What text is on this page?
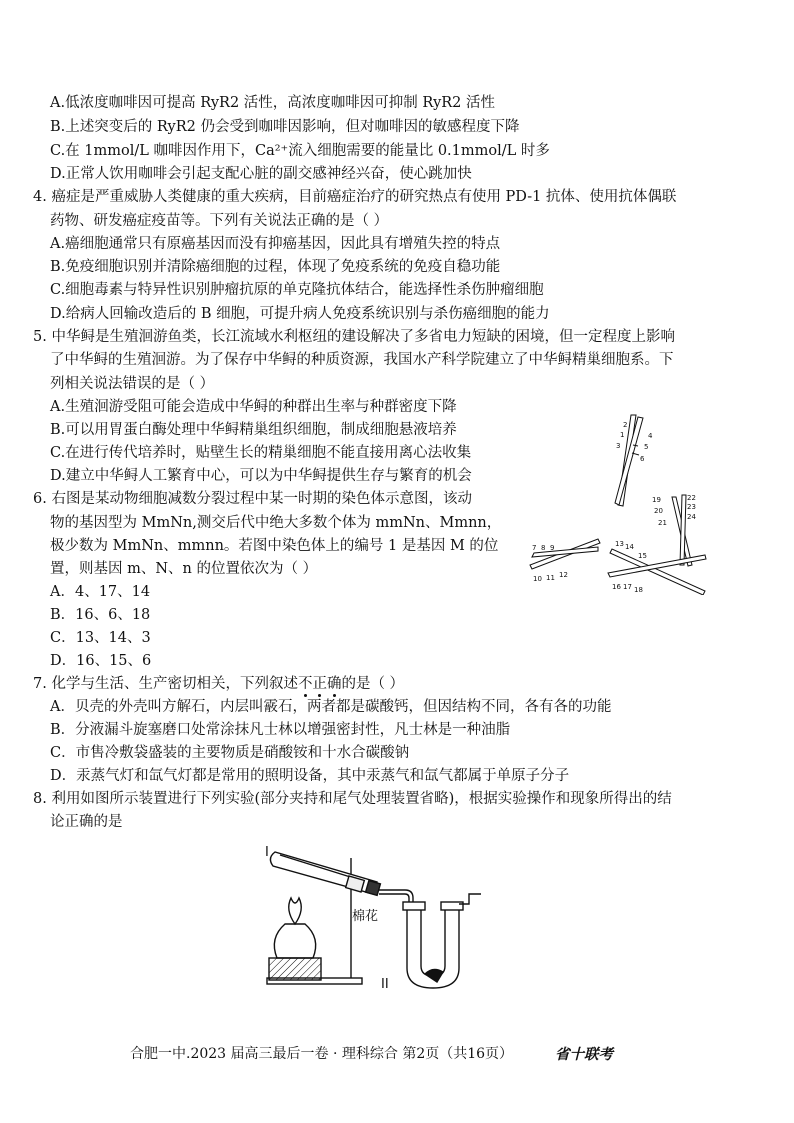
A.低浓度咖啡因可提高 RyR2 活性，高浓度咖啡因可抑制 RyR2 活性
B.上述突变后的 RyR2 仍会受到咖啡因影响，但对咖啡因的敏感程度下降
C.在 1mmol/L 咖啡因作用下，Ca²⁺流入细胞需要的能量比 0.1mmol/L 时多
D.正常人饮用咖啡会引起支配心脏的副交感神经兴奋，使心跳加快
4. 癌症是严重威胁人类健康的重大疾病，目前癌症治疗的研究热点有使用 PD-1 抗体、使用抗体偶联
药物、研发癌症疫苗等。下列有关说法正确的是（ ）
A.癌细胞通常只有原癌基因而没有抑癌基因，因此具有增殖失控的特点
B.免疫细胞识别并清除癌细胞的过程，体现了免疫系统的免疫自稳功能
C.细胞毒素与特异性识别肿瘤抗原的单克隆抗体结合，能选择性杀伤肿瘤细胞
D.给病人回输改造后的 B 细胞，可提升病人免疫系统识别与杀伤癌细胞的能力
5. 中华鲟是生殖洄游鱼类，长江流域水利枢纽的建设解决了多省电力短缺的困境，但一定程度上影响
了中华鲟的生殖洄游。为了保存中华鲟的种质资源，我国水产科学院建立了中华鲟精巢细胞系。下
列相关说法错误的是（ ）
A.生殖洄游受阻可能会造成中华鲟的种群出生率与种群密度下降
B.可以用胃蛋白酶处理中华鲟精巢组织细胞，制成细胞悬液培养
C.在进行传代培养时，贴壁生长的精巢细胞不能直接用离心法收集
D.建立中华鲟人工繁育中心，可以为中华鲟提供生存与繁育的机会
6. 右图是某动物细胞减数分裂过程中某一时期的染色体示意图，该动
物的基因型为 MmNn,测交后代中绝大多数个体为 mmNn、Mmnn，
极少数为 MmNn、mmnn。若图中染色体上的编号 1 是基因 M 的位
置，则基因 m、N、n 的位置依次为（ ）
A．4、17、14
B．16、6、18
C．13、14、3
D．16、15、6
1
2
3
4
5
6
7 8 9
10 11 12
13 14
15
16 17 18
19
20
21
22
23
24
7. 化学与生活、生产密切相关，下列叙述不正确的是（ ）
A．贝壳的外壳叫方解石，内层叫霰石，两者都是碳酸钙，但因结构不同，各有各的功能
B．分液漏斗旋塞磨口处常涂抹凡士林以增强密封性，凡士林是一种油脂
C．市售冷敷袋盛装的主要物质是硝酸铵和十水合碳酸钠
D．汞蒸气灯和氙气灯都是常用的照明设备，其中汞蒸气和氙气都属于单原子分子
8. 利用如图所示装置进行下列实验(部分夹持和尾气处理装置省略)，根据实验操作和现象所得出的结
论正确的是
I
棉花
II
合肥一中.2023 届高三最后一卷 · 理科综合 第2页（共16页）	省十联考
